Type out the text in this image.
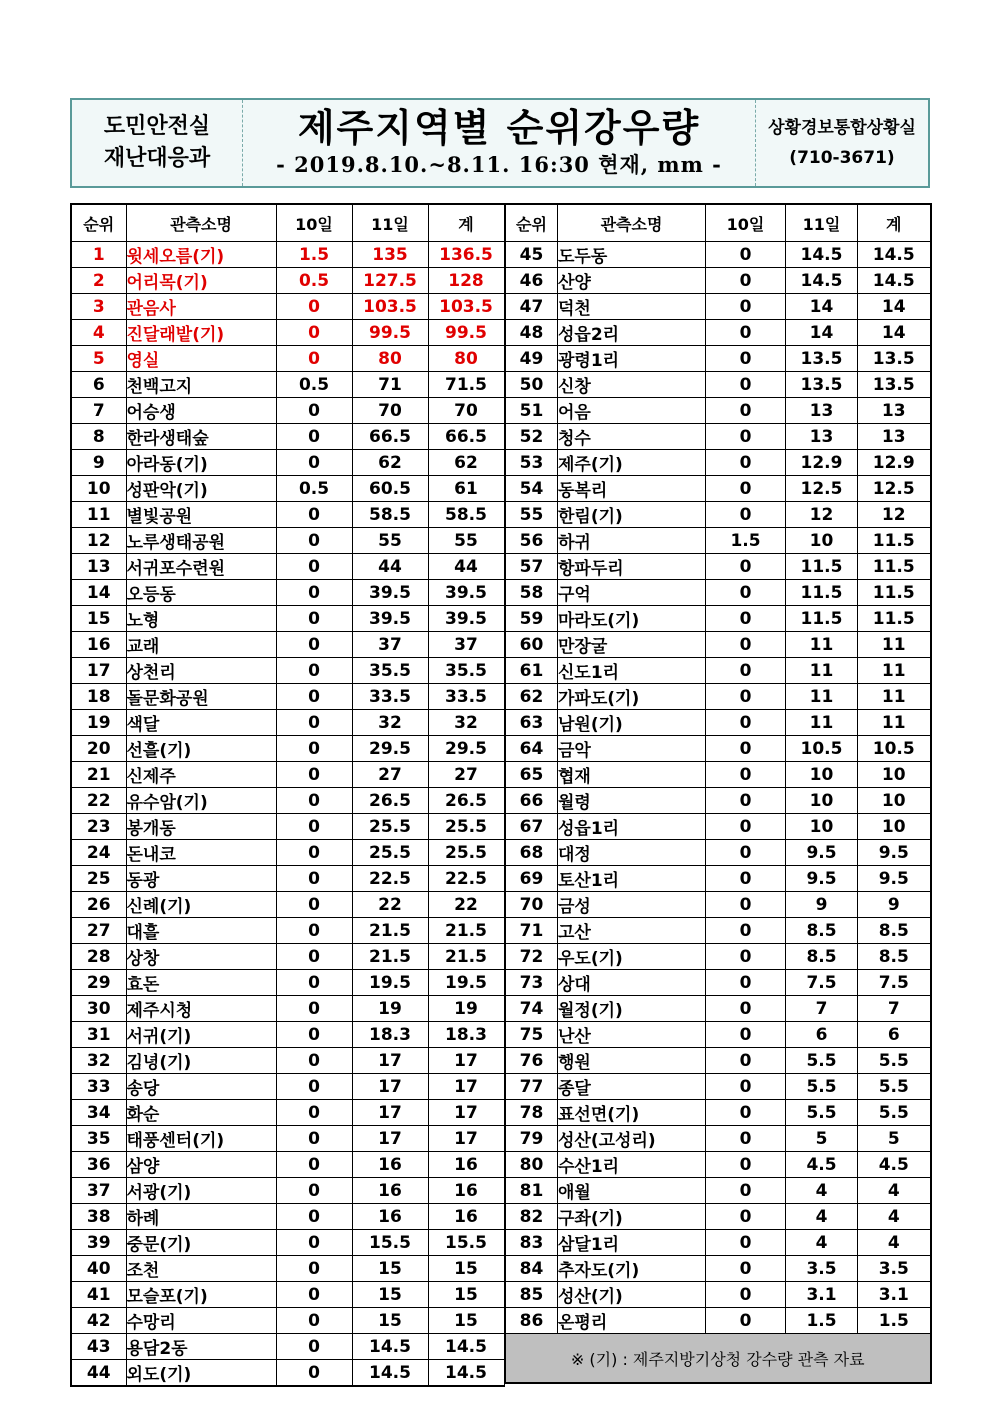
도민안전실
재난대응과
제주지역별 순위강우량
- 2019.8.10.~8.11. 16:30 현재, mm -
상황경보통합상황실
(710-3671)
순위	관측소명	10일	11일	계
1	윗세오름(기)	1.5	135	136.5
2	어리목(기)	0.5	127.5	128
3	관음사	0	103.5	103.5
4	진달래밭(기)	0	99.5	99.5
5	영실	0	80	80
6	천백고지	0.5	71	71.5
7	어승생	0	70	70
8	한라생태숲	0	66.5	66.5
9	아라동(기)	0	62	62
10	성판악(기)	0.5	60.5	61
11	별빛공원	0	58.5	58.5
12	노루생태공원	0	55	55
13	서귀포수련원	0	44	44
14	오등동	0	39.5	39.5
15	노형	0	39.5	39.5
16	교래	0	37	37
17	상천리	0	35.5	35.5
18	돌문화공원	0	33.5	33.5
19	색달	0	32	32
20	선흘(기)	0	29.5	29.5
21	신제주	0	27	27
22	유수암(기)	0	26.5	26.5
23	봉개동	0	25.5	25.5
24	돈내코	0	25.5	25.5
25	동광	0	22.5	22.5
26	신례(기)	0	22	22
27	대흘	0	21.5	21.5
28	상창	0	21.5	21.5
29	효돈	0	19.5	19.5
30	제주시청	0	19	19
31	서귀(기)	0	18.3	18.3
32	김녕(기)	0	17	17
33	송당	0	17	17
34	화순	0	17	17
35	태풍센터(기)	0	17	17
36	삼양	0	16	16
37	서광(기)	0	16	16
38	하례	0	16	16
39	중문(기)	0	15.5	15.5
40	조천	0	15	15
41	모슬포(기)	0	15	15
42	수망리	0	15	15
43	용담2동	0	14.5	14.5
44	외도(기)	0	14.5	14.5
순위	관측소명	10일	11일	계
45	도두동	0	14.5	14.5
46	산양	0	14.5	14.5
47	덕천	0	14	14
48	성읍2리	0	14	14
49	광령1리	0	13.5	13.5
50	신창	0	13.5	13.5
51	어음	0	13	13
52	청수	0	13	13
53	제주(기)	0	12.9	12.9
54	동복리	0	12.5	12.5
55	한림(기)	0	12	12
56	하귀	1.5	10	11.5
57	항파두리	0	11.5	11.5
58	구억	0	11.5	11.5
59	마라도(기)	0	11.5	11.5
60	만장굴	0	11	11
61	신도1리	0	11	11
62	가파도(기)	0	11	11
63	남원(기)	0	11	11
64	금악	0	10.5	10.5
65	협재	0	10	10
66	월령	0	10	10
67	성읍1리	0	10	10
68	대정	0	9.5	9.5
69	토산1리	0	9.5	9.5
70	금성	0	9	9
71	고산	0	8.5	8.5
72	우도(기)	0	8.5	8.5
73	상대	0	7.5	7.5
74	월정(기)	0	7	7
75	난산	0	6	6
76	행원	0	5.5	5.5
77	종달	0	5.5	5.5
78	표선면(기)	0	5.5	5.5
79	성산(고성리)	0	5	5
80	수산1리	0	4.5	4.5
81	애월	0	4	4
82	구좌(기)	0	4	4
83	삼달1리	0	4	4
84	추자도(기)	0	3.5	3.5
85	성산(기)	0	3.1	3.1
86	온평리	0	1.5	1.5
※ (기) : 제주지방기상청 강수량 관측 자료				
